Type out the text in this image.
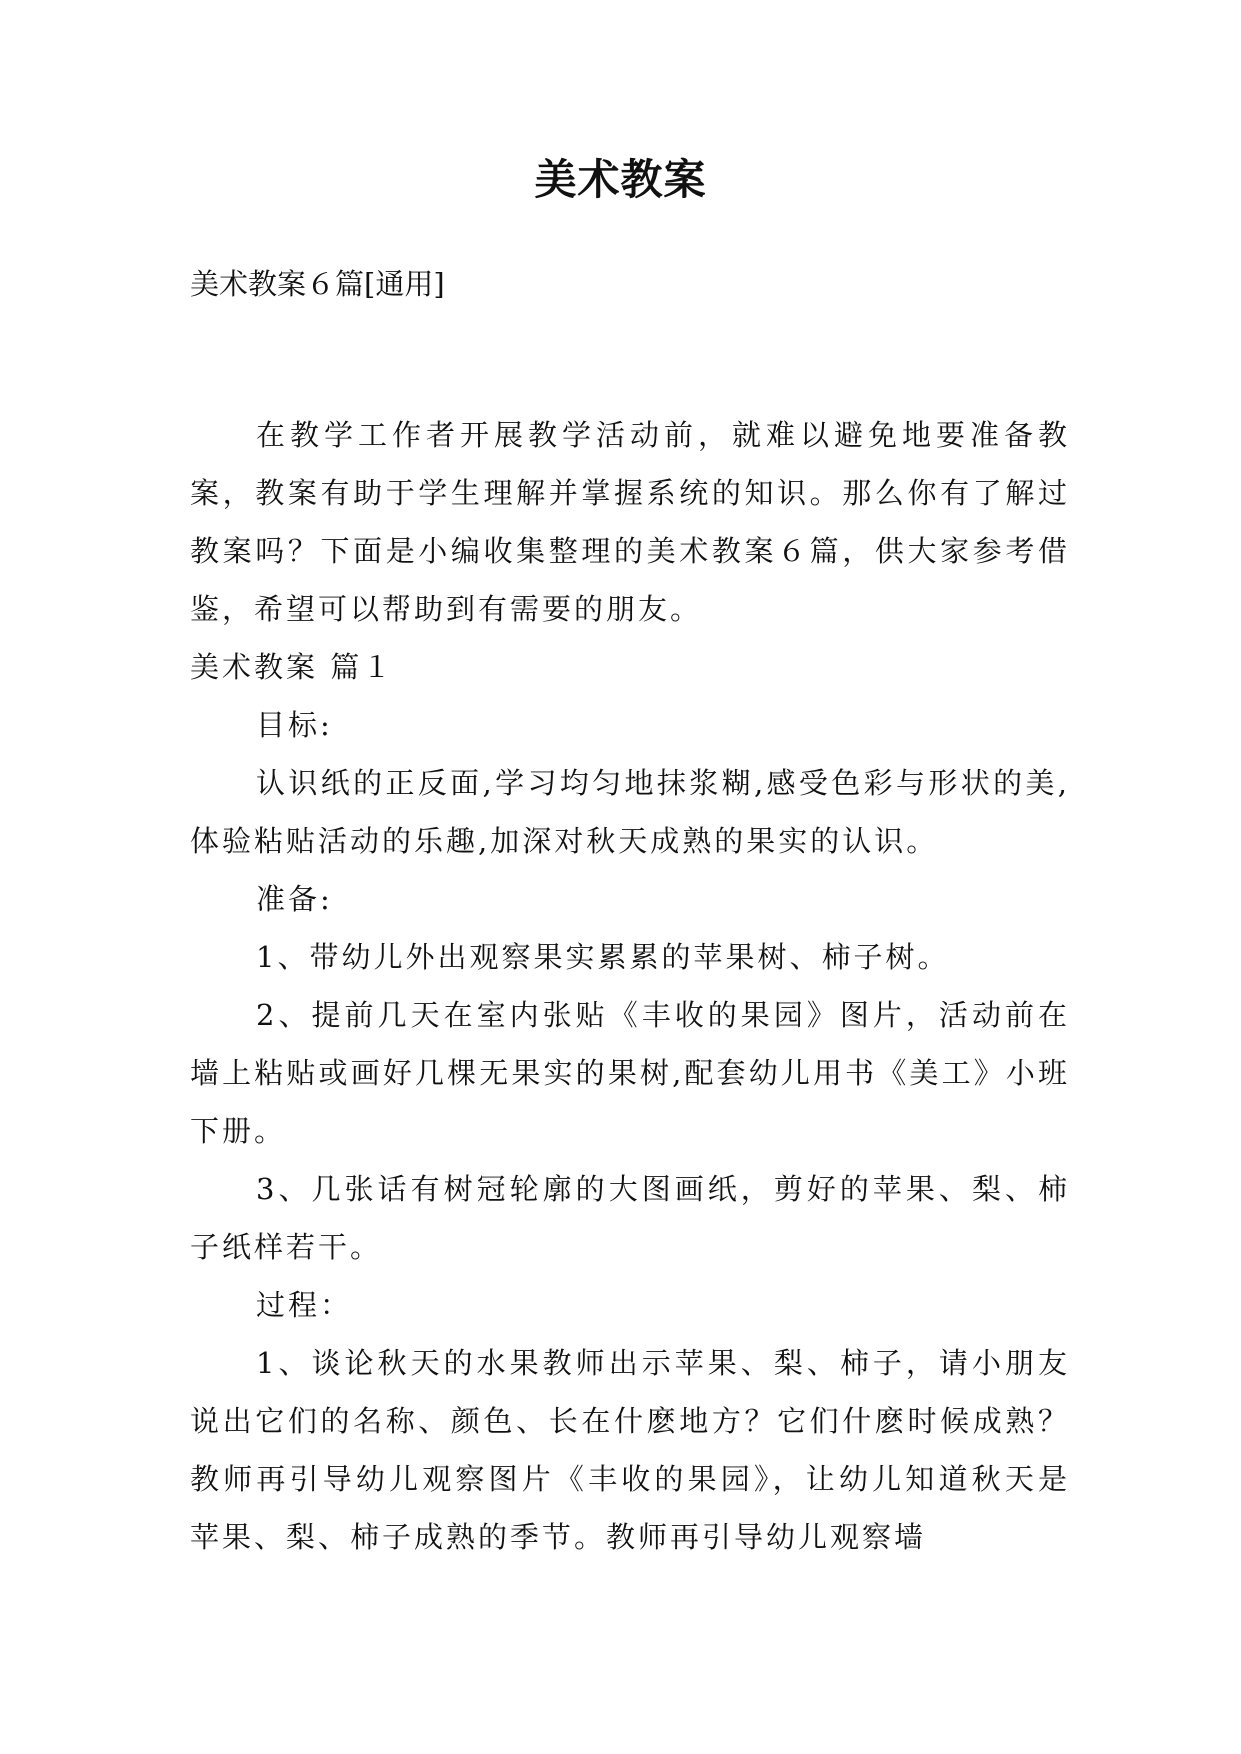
美术教案
美术教案６篇[通用]

在教学工作者开展教学活动前，就难以避免地要准备教案，教案有助于学生理解并掌握系统的知识。那么你有了解过教案吗？下面是小编收集整理的美术教案６篇，供大家参考借鉴，希望可以帮助到有需要的朋友。

美术教案 篇１

目标:

认识纸的正反面,学习均匀地抹浆糊,感受色彩与形状的美,体验粘贴活动的乐趣,加深对秋天成熟的果实的认识。

准备:

1、带幼儿外出观察果实累累的苹果树、柿子树。

2、提前几天在室内张贴《丰收的果园》图片，活动前在墙上粘贴或画好几棵无果实的果树,配套幼儿用书《美工》小班下册。

3、几张话有树冠轮廓的大图画纸，剪好的苹果、梨、柿子纸样若干。

过程：

1、谈论秋天的水果教师出示苹果、梨、柿子，请小朋友说出它们的名称、颜色、长在什麽地方？它们什麽时候成熟？教师再引导幼儿观察图片《丰收的果园》，让幼儿知道秋天是苹果、梨、柿子成熟的季节。教师再引导幼儿观察墙
